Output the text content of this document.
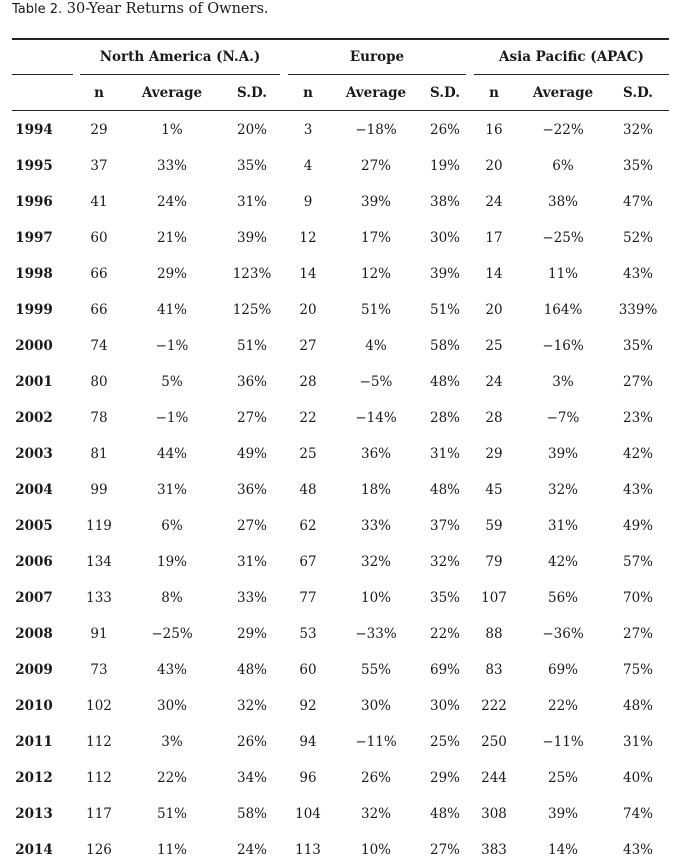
Table 2. 30-Year Returns of Owners.
North America (N.A.)	Europe	Asia Pacific (APAC)
n	Average	S.D.	n	Average	S.D.	n	Average	S.D.
1994	29	1%	20%	3	−18%	26%	16	−22%	32%
1995	37	33%	35%	4	27%	19%	20	6%	35%
1996	41	24%	31%	9	39%	38%	24	38%	47%
1997	60	21%	39%	12	17%	30%	17	−25%	52%
1998	66	29%	123%	14	12%	39%	14	11%	43%
1999	66	41%	125%	20	51%	51%	20	164%	339%
2000	74	−1%	51%	27	4%	58%	25	−16%	35%
2001	80	5%	36%	28	−5%	48%	24	3%	27%
2002	78	−1%	27%	22	−14%	28%	28	−7%	23%
2003	81	44%	49%	25	36%	31%	29	39%	42%
2004	99	31%	36%	48	18%	48%	45	32%	43%
2005	119	6%	27%	62	33%	37%	59	31%	49%
2006	134	19%	31%	67	32%	32%	79	42%	57%
2007	133	8%	33%	77	10%	35%	107	56%	70%
2008	91	−25%	29%	53	−33%	22%	88	−36%	27%
2009	73	43%	48%	60	55%	69%	83	69%	75%
2010	102	30%	32%	92	30%	30%	222	22%	48%
2011	112	3%	26%	94	−11%	25%	250	−11%	31%
2012	112	22%	34%	96	26%	29%	244	25%	40%
2013	117	51%	58%	104	32%	48%	308	39%	74%
2014	126	11%	24%	113	10%	27%	383	14%	43%
